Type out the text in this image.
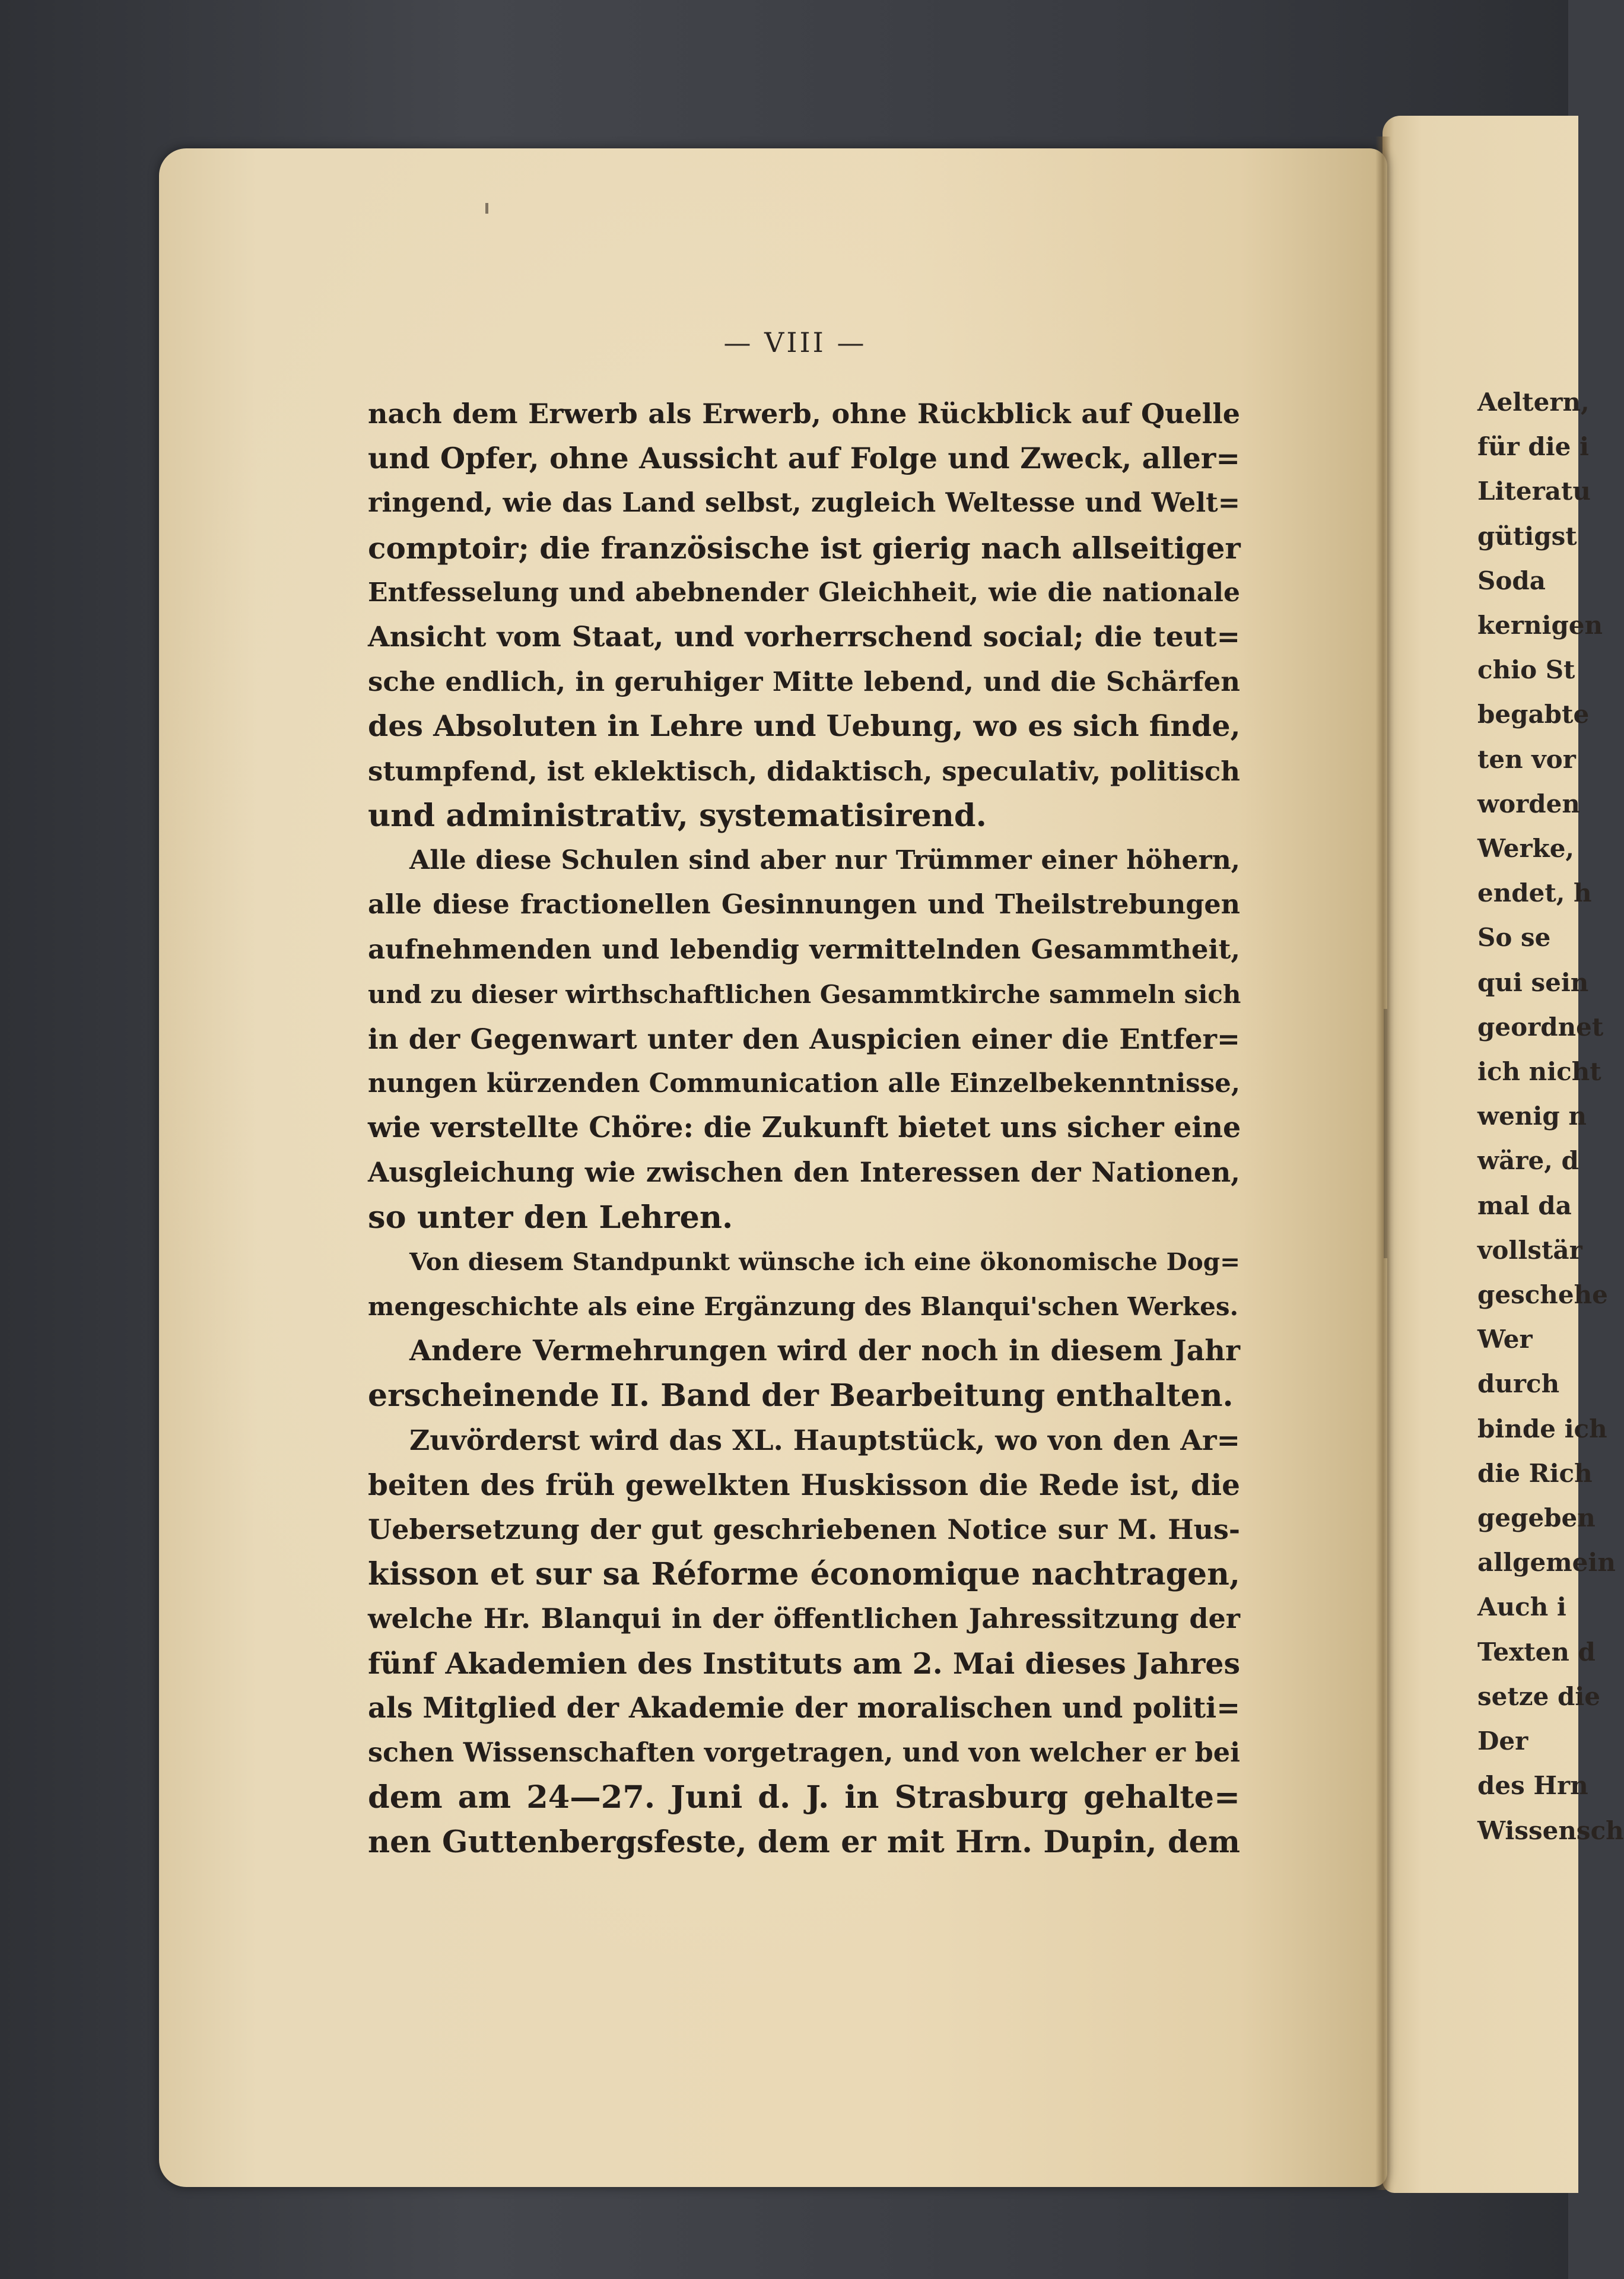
— VIII —
nach dem Erwerb als Erwerb, ohne Rückblick auf Quelle
und Opfer, ohne Aussicht auf Folge und Zweck, aller=
ringend, wie das Land selbst, zugleich Weltesse und Welt=
comptoir; die französische ist gierig nach allseitiger
Entfesselung und abebnender Gleichheit, wie die nationale
Ansicht vom Staat, und vorherrschend social; die teut=
sche endlich, in geruhiger Mitte lebend, und die Schärfen
des Absoluten in Lehre und Uebung, wo es sich finde,
stumpfend, ist eklektisch, didaktisch, speculativ, politisch
und administrativ, systematisirend.
Alle diese Schulen sind aber nur Trümmer einer höhern,
alle diese fractionellen Gesinnungen und Theilstrebungen
aufnehmenden und lebendig vermittelnden Gesammtheit,
und zu dieser wirthschaftlichen Gesammtkirche sammeln sich
in der Gegenwart unter den Auspicien einer die Entfer=
nungen kürzenden Communication alle Einzelbekenntnisse,
wie verstellte Chöre: die Zukunft bietet uns sicher eine
Ausgleichung wie zwischen den Interessen der Nationen,
so unter den Lehren.
Von diesem Standpunkt wünsche ich eine ökonomische Dog=
mengeschichte als eine Ergänzung des Blanqui'schen Werkes.
Andere Vermehrungen wird der noch in diesem Jahr
erscheinende II. Band der Bearbeitung enthalten.
Zuvörderst wird das XL. Hauptstück, wo von den Ar=
beiten des früh gewelkten Huskisson die Rede ist, die
Uebersetzung der gut geschriebenen Notice sur M. Hus-
kisson et sur sa Réforme économique nachtragen,
welche Hr. Blanqui in der öffentlichen Jahressitzung der
fünf Akademien des Instituts am 2. Mai dieses Jahres
als Mitglied der Akademie der moralischen und politi=
schen Wissenschaften vorgetragen, und von welcher er bei
dem am 24—27. Juni d. J. in Strasburg gehalte=
nen Guttenbergsfeste, dem er mit Hrn. Dupin, dem
Aeltern,
für die i
Literatu
gütigst
Soda
kernigen
chio St
begabte
ten vor
worden
Werke,
endet, h
So se
qui sein
geordnet
ich nicht
wenig n
wäre, d
mal da
vollstär
geschehe
Wer
durch
binde ich
die Rich
gegeben
allgemein
Auch i
Texten d
setze die
Der
des Hrn
Wissensch
